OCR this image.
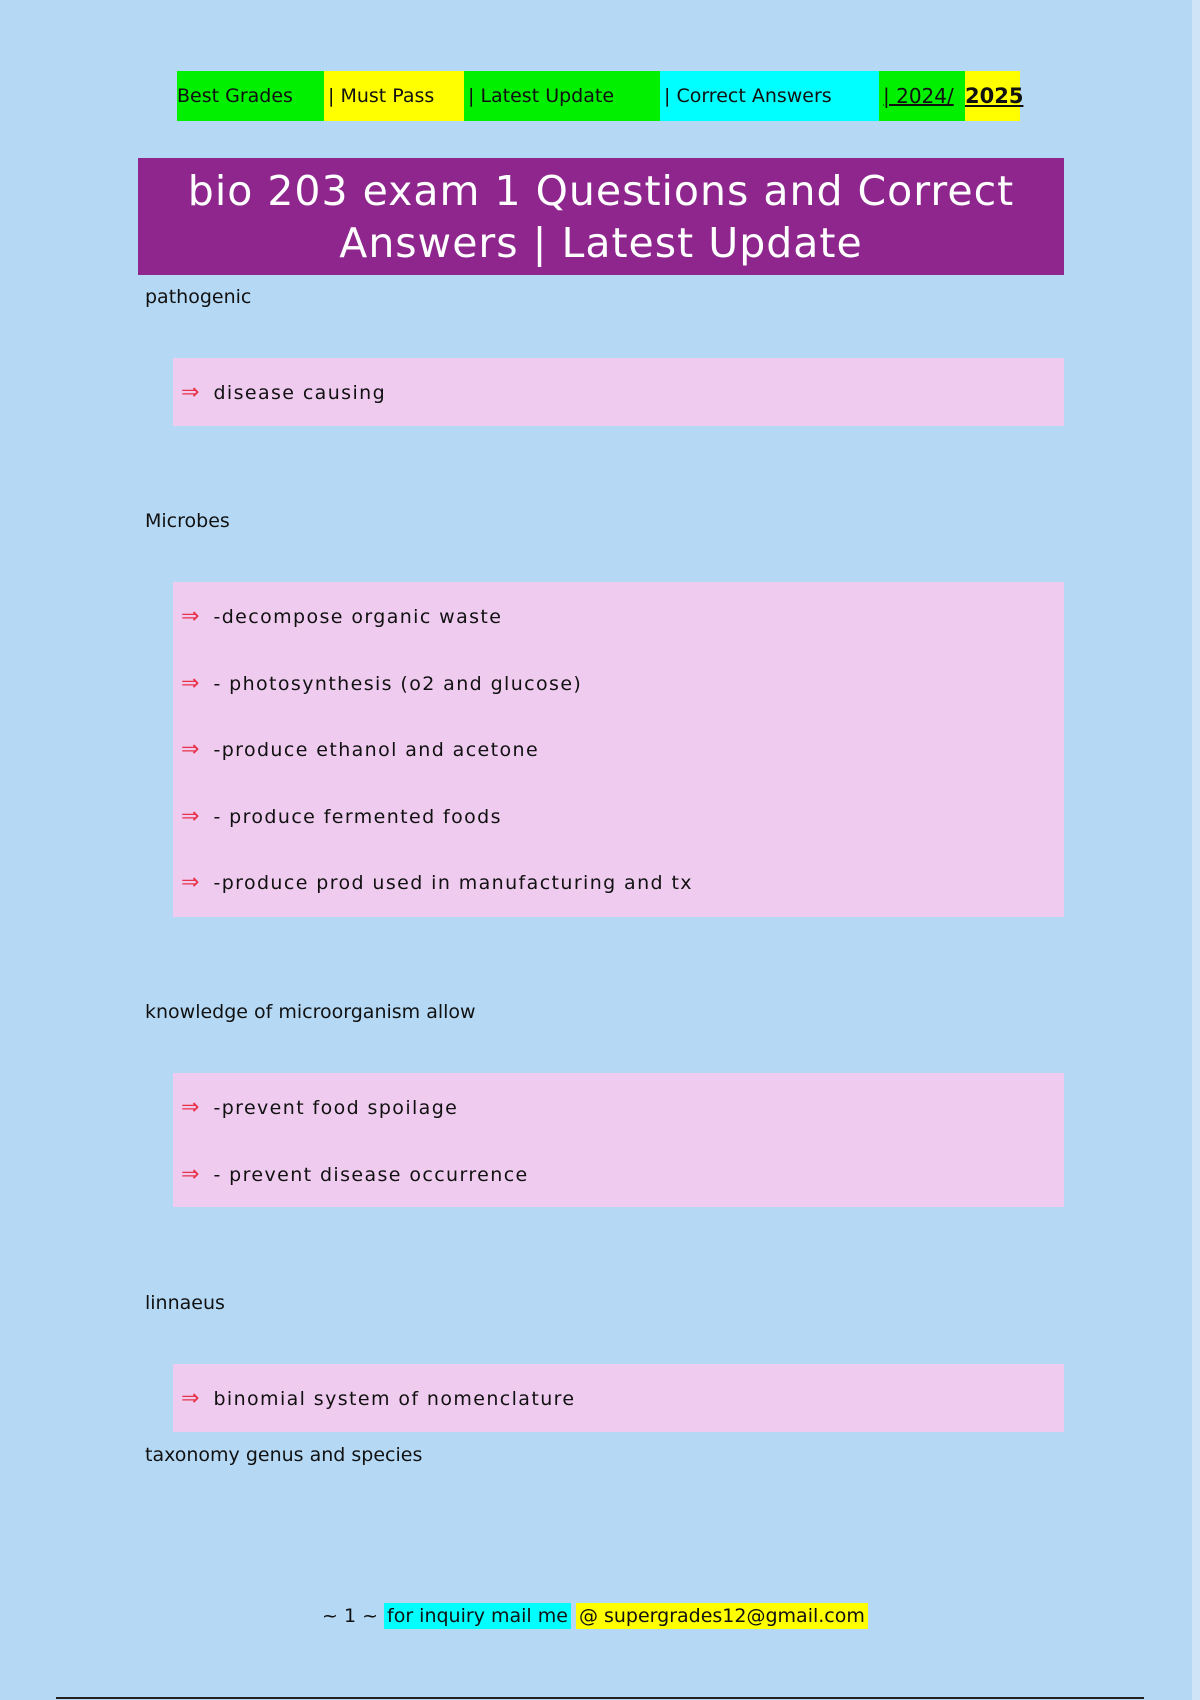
Best Grades	| Must Pass	| Latest Update	| Correct Answers	| 2024/ 2025
bio 203 exam 1 Questions and Correct Answers | Latest Update
pathogenic
⇒ disease causing
Microbes
⇒ -decompose organic waste
⇒ - photosynthesis (o2 and glucose)
⇒ -produce ethanol and acetone
⇒ - produce fermented foods
⇒ -produce prod used in manufacturing and tx
knowledge of microorganism allow
⇒ -prevent food spoilage
⇒ - prevent disease occurrence
linnaeus
⇒ binomial system of nomenclature
taxonomy genus and species
~ 1 ~ for inquiry mail me @ supergrades12@gmail.com
